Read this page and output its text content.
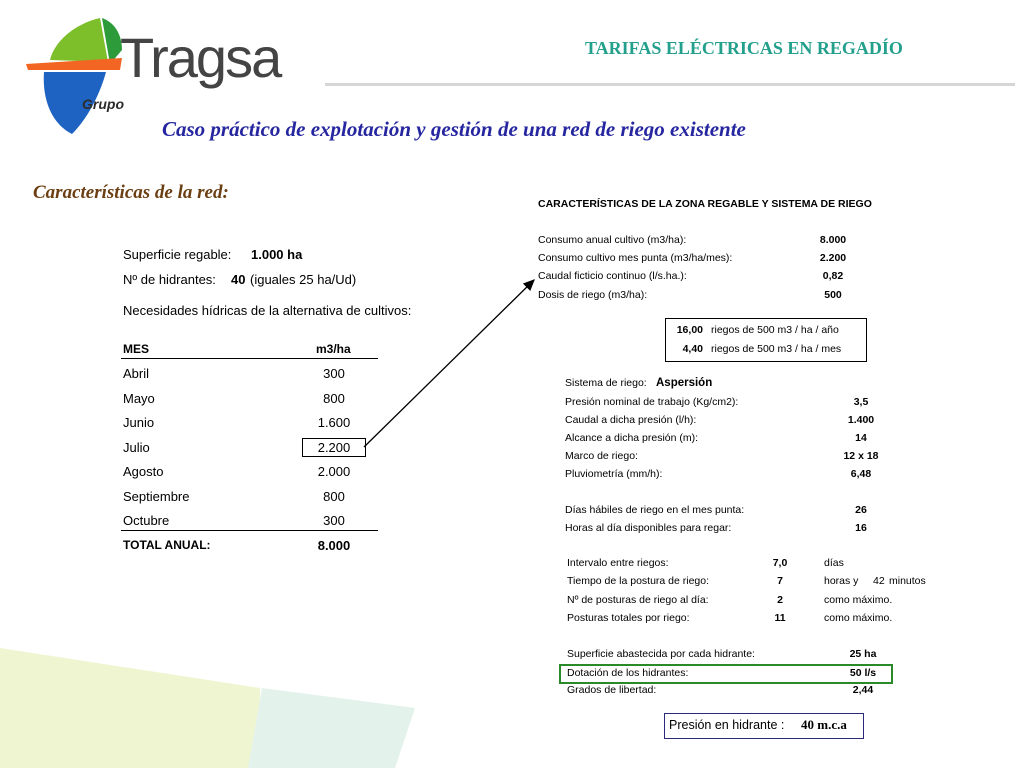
Tragsa
Grupo
TARIFAS ELÉCTRICAS EN REGADÍO
Caso práctico de explotación y gestión de una red de riego existente
Características de la red:
Superficie regable: 1.000 ha
Nº de hidrantes: 40 (iguales 25 ha/Ud)
Necesidades hídricas de la alternativa de cultivos:
MES	m3/ha
Abril	300
Mayo	800
Junio	1.600
Julio	2.200
Agosto	2.000
Septiembre	800
Octubre	300
TOTAL ANUAL:	8.000
CARACTERÍSTICAS DE LA ZONA REGABLE Y SISTEMA DE RIEGO
Consumo anual cultivo (m3/ha):	8.000
Consumo cultivo mes punta (m3/ha/mes):	2.200
Caudal ficticio continuo (l/s.ha.):	0,82
Dosis de riego (m3/ha):	500
16,00 riegos de 500 m3 / ha / año
4,40 riegos de 500 m3 / ha / mes
Sistema de riego: Aspersión
Presión nominal de trabajo (Kg/cm2):	3,5
Caudal a dicha presión (l/h):	1.400
Alcance a dicha presión (m):	14
Marco de riego:	12 x 18
Pluviometría (mm/h):	6,48
Días hábiles de riego en el mes punta:	26
Horas al día disponibles para regar:	16
Intervalo entre riegos:	7,0	días
Tiempo de la postura de riego:	7	horas y 42 minutos
Nº de posturas de riego al día:	2	como máximo.
Posturas totales por riego:	11	como máximo.
Superficie abastecida por cada hidrante:	25 ha
Dotación de los hidrantes:	50 l/s
Grados de libertad:	2,44
Presión en hidrante : 40 m.c.a
